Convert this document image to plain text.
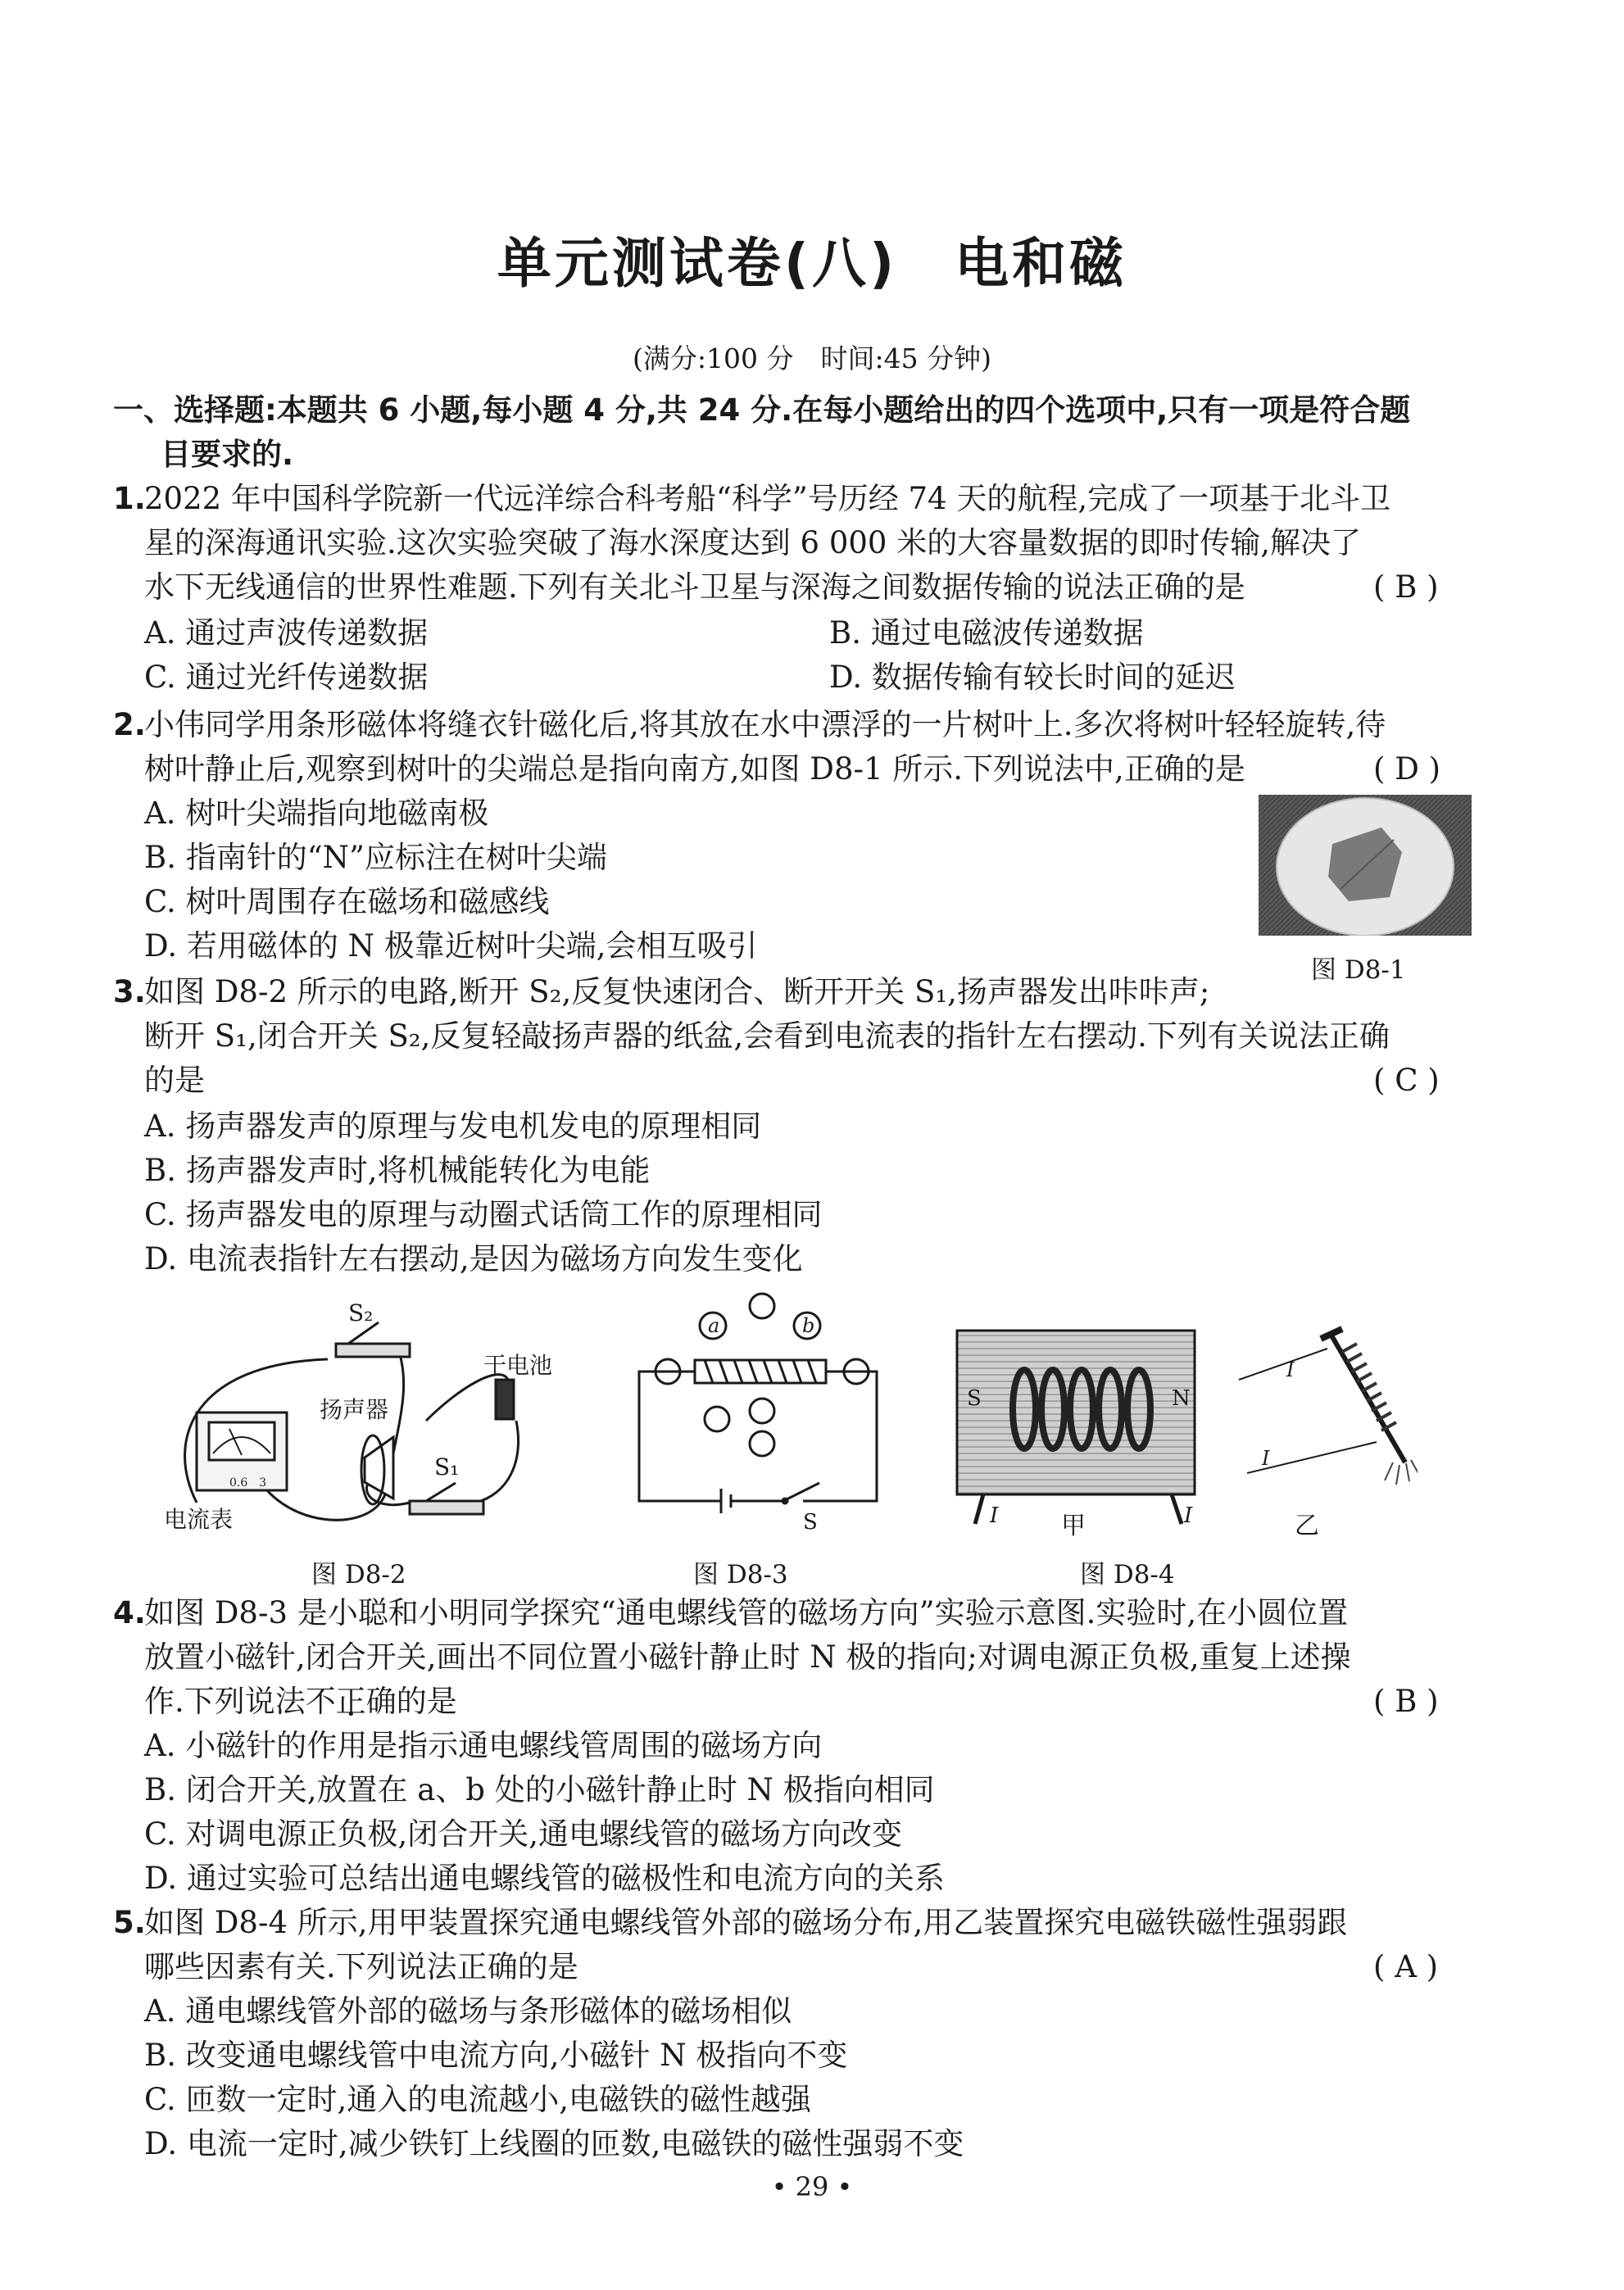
单元测试卷(八)　电和磁
(满分:100 分　时间:45 分钟)
一、选择题:本题共 6 小题,每小题 4 分,共 24 分.在每小题给出的四个选项中,只有一项是符合题
目要求的.
1.
2022 年中国科学院新一代远洋综合科考船“科学”号历经 74 天的航程,完成了一项基于北斗卫
星的深海通讯实验.这次实验突破了海水深度达到 6 000 米的大容量数据的即时传输,解决了
水下无线通信的世界性难题.下列有关北斗卫星与深海之间数据传输的说法正确的是	( B )
A. 通过声波传递数据	B. 通过电磁波传递数据
C. 通过光纤传递数据	D. 数据传输有较长时间的延迟
2.
小伟同学用条形磁体将缝衣针磁化后,将其放在水中漂浮的一片树叶上.多次将树叶轻轻旋转,待
树叶静止后,观察到树叶的尖端总是指向南方,如图 D8-1 所示.下列说法中,正确的是	( D )
A. 树叶尖端指向地磁南极
B. 指南针的“N”应标注在树叶尖端
C. 树叶周围存在磁场和磁感线
D. 若用磁体的 N 极靠近树叶尖端,会相互吸引
图 D8-1
3.
如图 D8-2 所示的电路,断开 S₂,反复快速闭合、断开开关 S₁,扬声器发出咔咔声;
断开 S₁,闭合开关 S₂,反复轻敲扬声器的纸盆,会看到电流表的指针左右摆动.下列有关说法正确
的是	( C )
A. 扬声器发声的原理与发电机发电的原理相同
B. 扬声器发声时,将机械能转化为电能
C. 扬声器发电的原理与动圈式话筒工作的原理相同
D. 电流表指针左右摆动,是因为磁场方向发生变化
S₂
扬声器
干电池
S₁
电流表
0.6　3
图 D8-2
a	b
S
图 D8-3
S	N
I	I
I
I
甲	乙
图 D8-4
4.
如图 D8-3 是小聪和小明同学探究“通电螺线管的磁场方向”实验示意图.实验时,在小圆位置
放置小磁针,闭合开关,画出不同位置小磁针静止时 N 极的指向;对调电源正负极,重复上述操
作.下列说法不正确的是	( B )
A. 小磁针的作用是指示通电螺线管周围的磁场方向
B. 闭合开关,放置在 a、b 处的小磁针静止时 N 极指向相同
C. 对调电源正负极,闭合开关,通电螺线管的磁场方向改变
D. 通过实验可总结出通电螺线管的磁极性和电流方向的关系
5.
如图 D8-4 所示,用甲装置探究通电螺线管外部的磁场分布,用乙装置探究电磁铁磁性强弱跟
哪些因素有关.下列说法正确的是	( A )
A. 通电螺线管外部的磁场与条形磁体的磁场相似
B. 改变通电螺线管中电流方向,小磁针 N 极指向不变
C. 匝数一定时,通入的电流越小,电磁铁的磁性越强
D. 电流一定时,减少铁钉上线圈的匝数,电磁铁的磁性强弱不变
• 29 •
